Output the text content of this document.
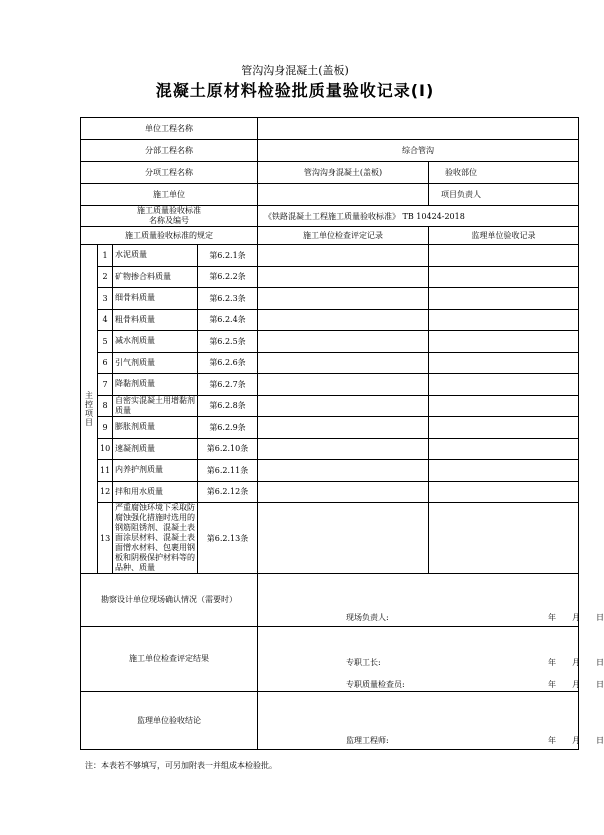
管沟沟身混凝土(盖板)
混凝土原材料检验批质量验收记录(Ⅰ)
单位工程名称					
分部工程名称				综合管沟	
分项工程名称				管沟沟身混凝土(盖板)	验收部位
施工单位					项目负责人

施工质量验收标准
名称及编号				《铁路混凝土工程施工质量验收标准》 TB 10424-2018	
施工质量验收标准的规定				施工单位检查评定记录	监理单位验收记录
主控项目	1	水泥质量	第6.2.1条		
	2	矿物掺合料质量	第6.2.2条		
	3	细骨料质量	第6.2.3条		
	4	粗骨料质量	第6.2.4条		
	5	减水剂质量	第6.2.5条		
	6	引气剂质量	第6.2.6条		
	7	降黏剂质量	第6.2.7条		
	8	自密实混凝土用增黏剂质量	第6.2.8条		
	9	膨胀剂质量	第6.2.9条		
	10	速凝剂质量	第6.2.10条		
	11	内养护剂质量	第6.2.11条		
	12	拌和用水质量	第6.2.12条		
	13	严重腐蚀环境下采取防腐蚀强化措施时选用的钢筋阻锈剂、混凝土表面涂层材料、混凝土表面憎水材料、包裹用钢板和阴极保护材料等的品种、质量	第6.2.13条		
勘察设计单位现场确认情况（需要时）				现场负责人: 年　　月　　日	

施工单位检查评定结果				专职工长: 年　　月　　日
专职质量检查员: 年　　月　　日	

监理单位验收结论				监理工程师: 年　　月　　日	
注：本表若不够填写，可另加附表一并组成本检验批。
